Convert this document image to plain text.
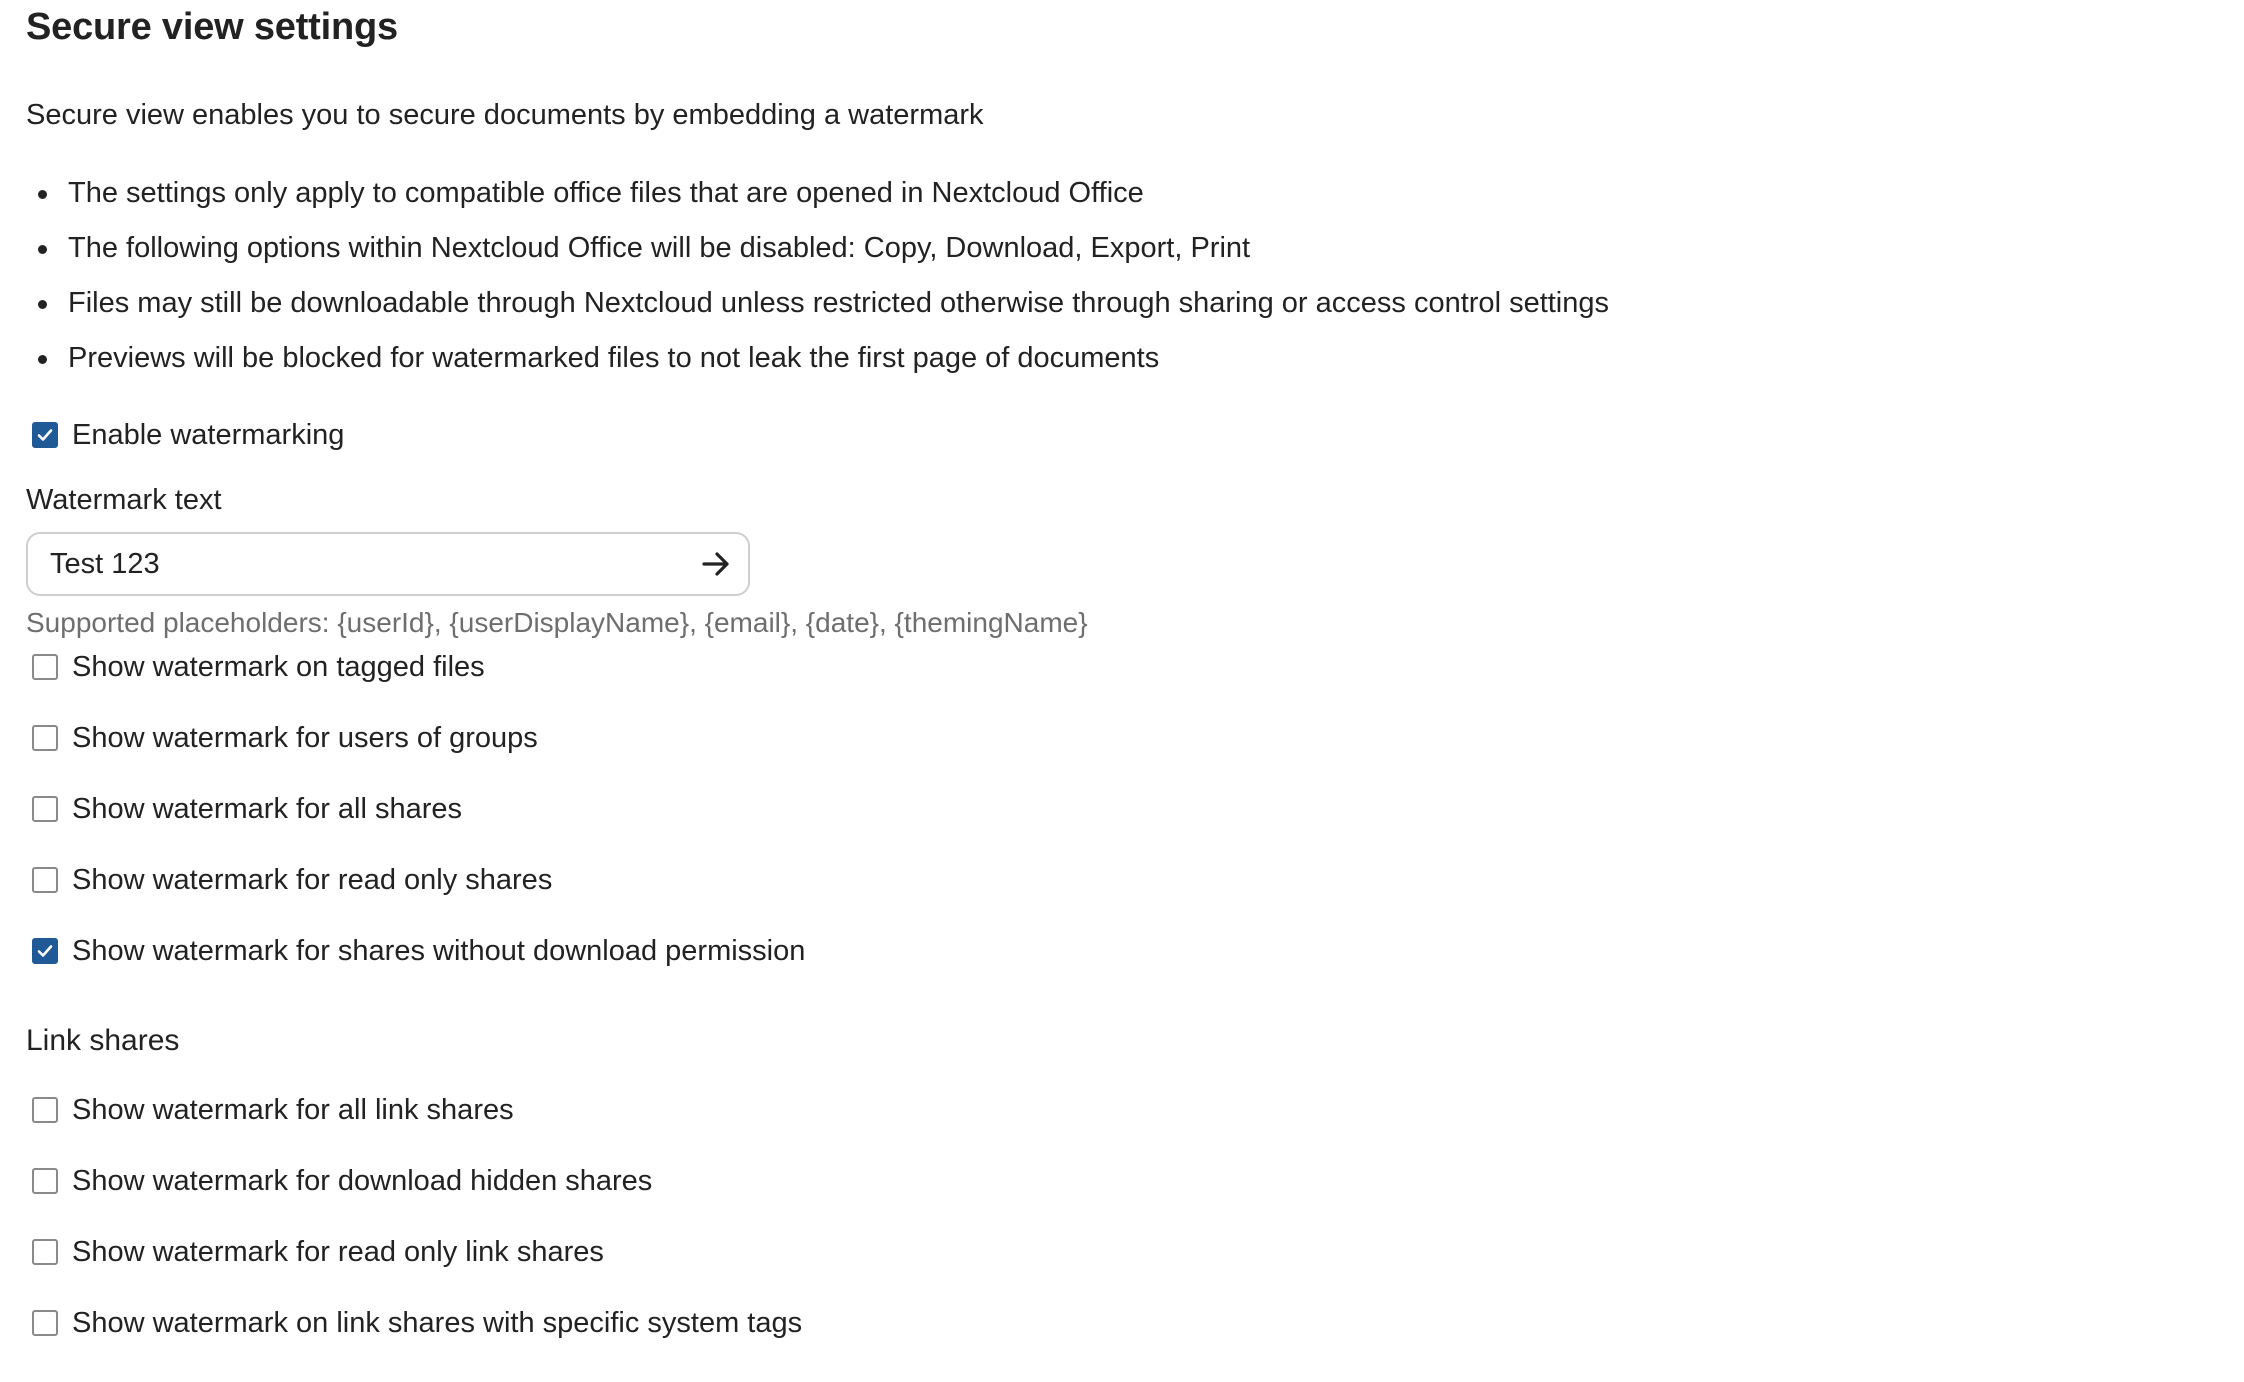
Secure view settings

Secure view enables you to secure documents by embedding a watermark

The settings only apply to compatible office files that are opened in Nextcloud Office
The following options within Nextcloud Office will be disabled: Copy, Download, Export, Print
Files may still be downloadable through Nextcloud unless restricted otherwise through sharing or access control settings
Previews will be blocked for watermarked files to not leak the first page of documents
Enable watermarking

Watermark text

Test 123

Supported placeholders: {userId}, {userDisplayName}, {email}, {date}, {themingName}

Show watermark on tagged files
Show watermark for users of groups
Show watermark for all shares
Show watermark for read only shares
Show watermark for shares without download permission
Link shares
Show watermark for all link shares
Show watermark for download hidden shares
Show watermark for read only link shares
Show watermark on link shares with specific system tags
